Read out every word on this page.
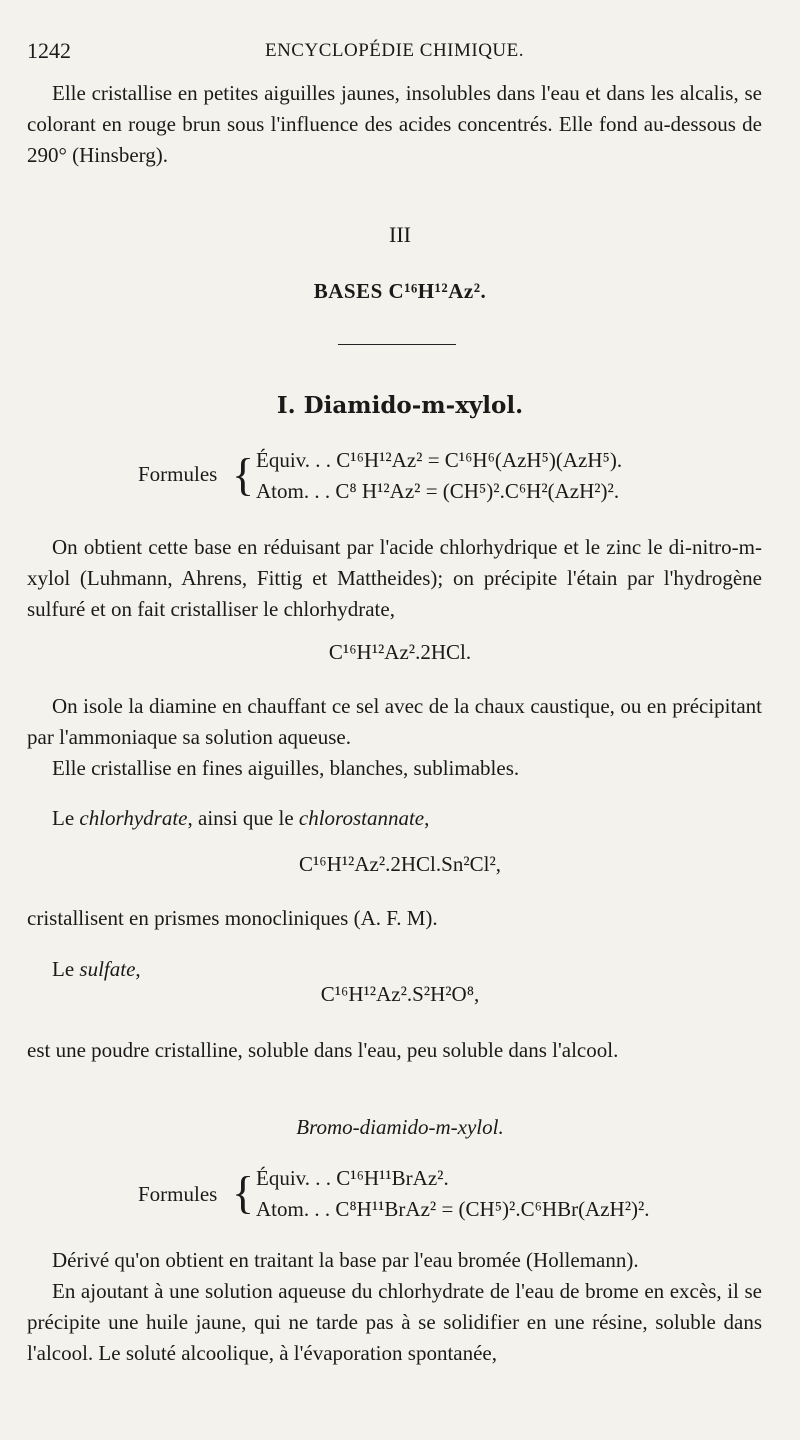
1242	ENCYCLOPÉDIE CHIMIQUE.
Elle cristallise en petites aiguilles jaunes, insolubles dans l'eau et dans les alcalis, se colorant en rouge brun sous l'influence des acides concentrés. Elle fond au-dessous de 290° (Hinsberg).
III
BASES C¹⁶H¹²Az².
I. Diamido-m-xylol.
Formules { Équiv. . . C¹⁶H¹²Az² = C¹⁶H⁶(AzH⁵)(AzH⁵).
Atom. . . C⁸ H¹²Az² = (CH⁵)².C⁶H²(AzH²)².
On obtient cette base en réduisant par l'acide chlorhydrique et le zinc le di-nitro-m-xylol (Luhmann, Ahrens, Fittig et Mattheides); on précipite l'étain par l'hydrogène sulfuré et on fait cristalliser le chlorhydrate,
C¹⁶H¹²Az².2HCl.
On isole la diamine en chauffant ce sel avec de la chaux caustique, ou en précipitant par l'ammoniaque sa solution aqueuse.
Elle cristallise en fines aiguilles, blanches, sublimables.
Le chlorhydrate, ainsi que le chlorostannate,
C¹⁶H¹²Az².2HCl.Sn²Cl²,
cristallisent en prismes monocliniques (A. F. M).
Le sulfate,
C¹⁶H¹²Az².S²H²O⁸,
est une poudre cristalline, soluble dans l'eau, peu soluble dans l'alcool.
Bromo-diamido-m-xylol.
Formules { Équiv. . . C¹⁶H¹¹BrAz².
Atom. . . C⁸H¹¹BrAz² = (CH⁵)².C⁶HBr(AzH²)².
Dérivé qu'on obtient en traitant la base par l'eau bromée (Hollemann).
En ajoutant à une solution aqueuse du chlorhydrate de l'eau de brome en excès, il se précipite une huile jaune, qui ne tarde pas à se solidifier en une résine, soluble dans l'alcool. Le soluté alcoolique, à l'évaporation spontanée,
